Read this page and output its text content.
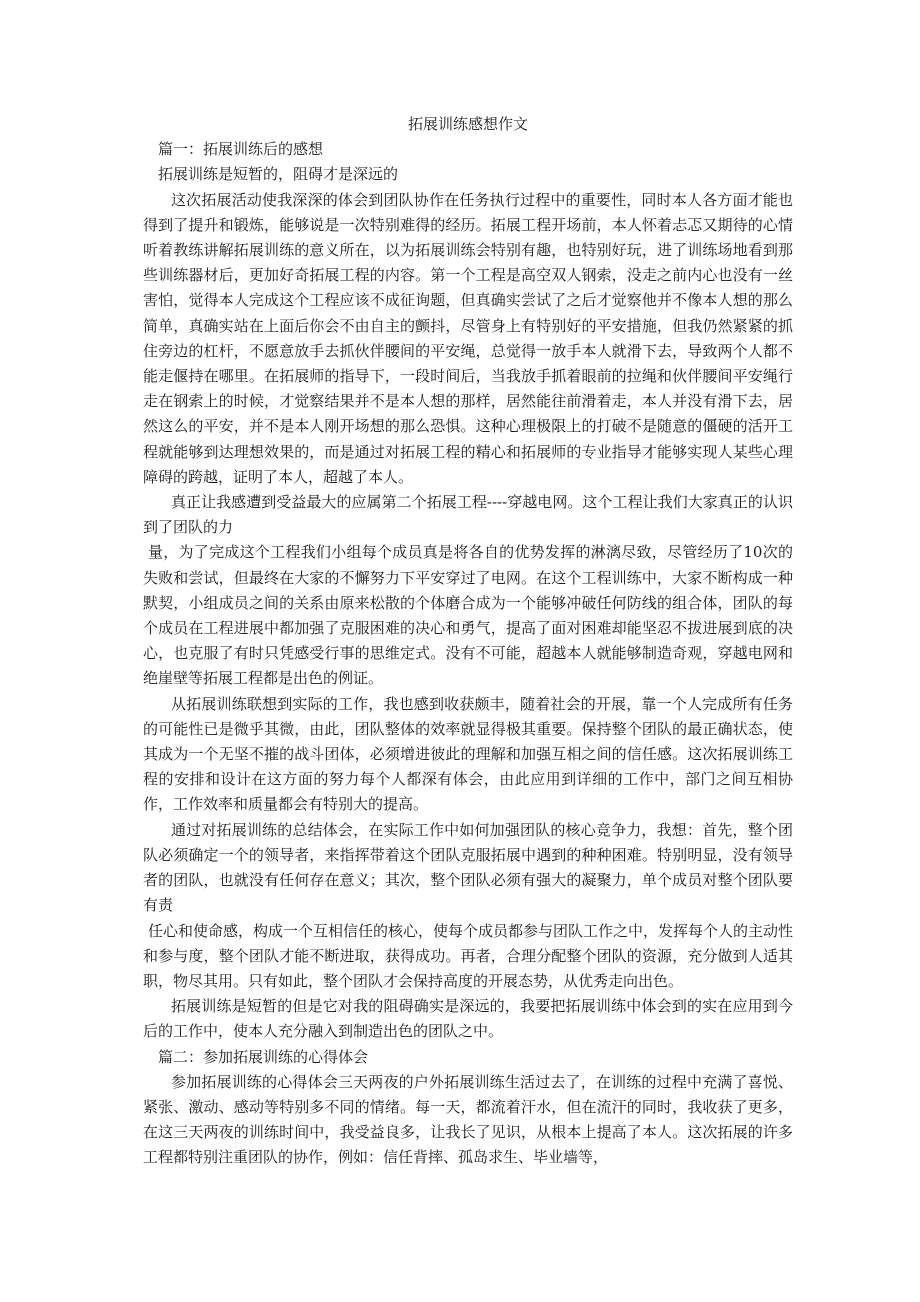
拓展训练感想作文

篇一：拓展训练后的感想

拓展训练是短暂的，阻碍才是深远的

这次拓展活动使我深深的体会到团队协作在任务执行过程中的重要性，同时本人各方面才能也得到了提升和锻炼，能够说是一次特别难得的经历。拓展工程开场前，本人怀着忐忑又期待的心情听着教练讲解拓展训练的意义所在，以为拓展训练会特别有趣，也特别好玩，进了训练场地看到那些训练器材后，更加好奇拓展工程的内容。第一个工程是高空双人钢索，没走之前内心也没有一丝害怕，觉得本人完成这个工程应该不成征询题，但真确实尝试了之后才觉察他并不像本人想的那么简单，真确实站在上面后你会不由自主的颤抖，尽管身上有特别好的平安措施，但我仍然紧紧的抓住旁边的杠杆，不愿意放手去抓伙伴腰间的平安绳，总觉得一放手本人就滑下去，导致两个人都不能走偃持在哪里。在拓展师的指导下，一段时间后，当我放手抓着眼前的拉绳和伙伴腰间平安绳行走在钢索上的时候，才觉察结果并不是本人想的那样，居然能往前滑着走，本人并没有滑下去，居然这么的平安，并不是本人刚开场想的那么恐惧。这种心理极限上的打破不是随意的僵硬的活开工程就能够到达理想效果的，而是通过对拓展工程的精心和拓展师的专业指导才能够实现人某些心理障碍的跨越，证明了本人，超越了本人。

真正让我感遭到受益最大的应属第二个拓展工程----穿越电网。这个工程让我们大家真正的认识到了团队的力

量，为了完成这个工程我们小组每个成员真是将各自的优势发挥的淋漓尽致，尽管经历了10次的失败和尝试，但最终在大家的不懈努力下平安穿过了电网。在这个工程训练中，大家不断构成一种默契，小组成员之间的关系由原来松散的个体磨合成为一个能够冲破任何防线的组合体，团队的每个成员在工程进展中都加强了克服困难的决心和勇气，提高了面对困难却能坚忍不拔进展到底的决心，也克服了有时只凭感受行事的思维定式。没有不可能，超越本人就能够制造奇观，穿越电网和绝崖壁等拓展工程都是出色的例证。

从拓展训练联想到实际的工作，我也感到收获颇丰，随着社会的开展，靠一个人完成所有任务的可能性已是微乎其微，由此，团队整体的效率就显得极其重要。保持整个团队的最正确状态，使其成为一个无坚不摧的战斗团体，必须增进彼此的理解和加强互相之间的信任感。这次拓展训练工程的安排和设计在这方面的努力每个人都深有体会，由此应用到详细的工作中，部门之间互相协作，工作效率和质量都会有特别大的提高。

通过对拓展训练的总结体会，在实际工作中如何加强团队的核心竞争力，我想：首先，整个团队必须确定一个的领导者，来指挥带着这个团队克服拓展中遇到的种种困难。特别明显，没有领导者的团队，也就没有任何存在意义；其次，整个团队必须有强大的凝聚力，单个成员对整个团队要有责

任心和使命感，构成一个互相信任的核心，使每个成员都参与团队工作之中，发挥每个人的主动性和参与度，整个团队才能不断进取，获得成功。再者，合理分配整个团队的资源，充分做到人适其职，物尽其用。只有如此，整个团队才会保持高度的开展态势，从优秀走向出色。

拓展训练是短暂的但是它对我的阻碍确实是深远的，我要把拓展训练中体会到的实在应用到今后的工作中，使本人充分融入到制造出色的团队之中。

篇二：参加拓展训练的心得体会

参加拓展训练的心得体会三天两夜的户外拓展训练生活过去了，在训练的过程中充满了喜悦、紧张、激动、感动等特别多不同的情绪。每一天，都流着汗水，但在流汗的同时，我收获了更多，在这三天两夜的训练时间中，我受益良多，让我长了见识，从根本上提高了本人。这次拓展的许多工程都特别注重团队的协作，例如：信任背摔、孤岛求生、毕业墙等，
